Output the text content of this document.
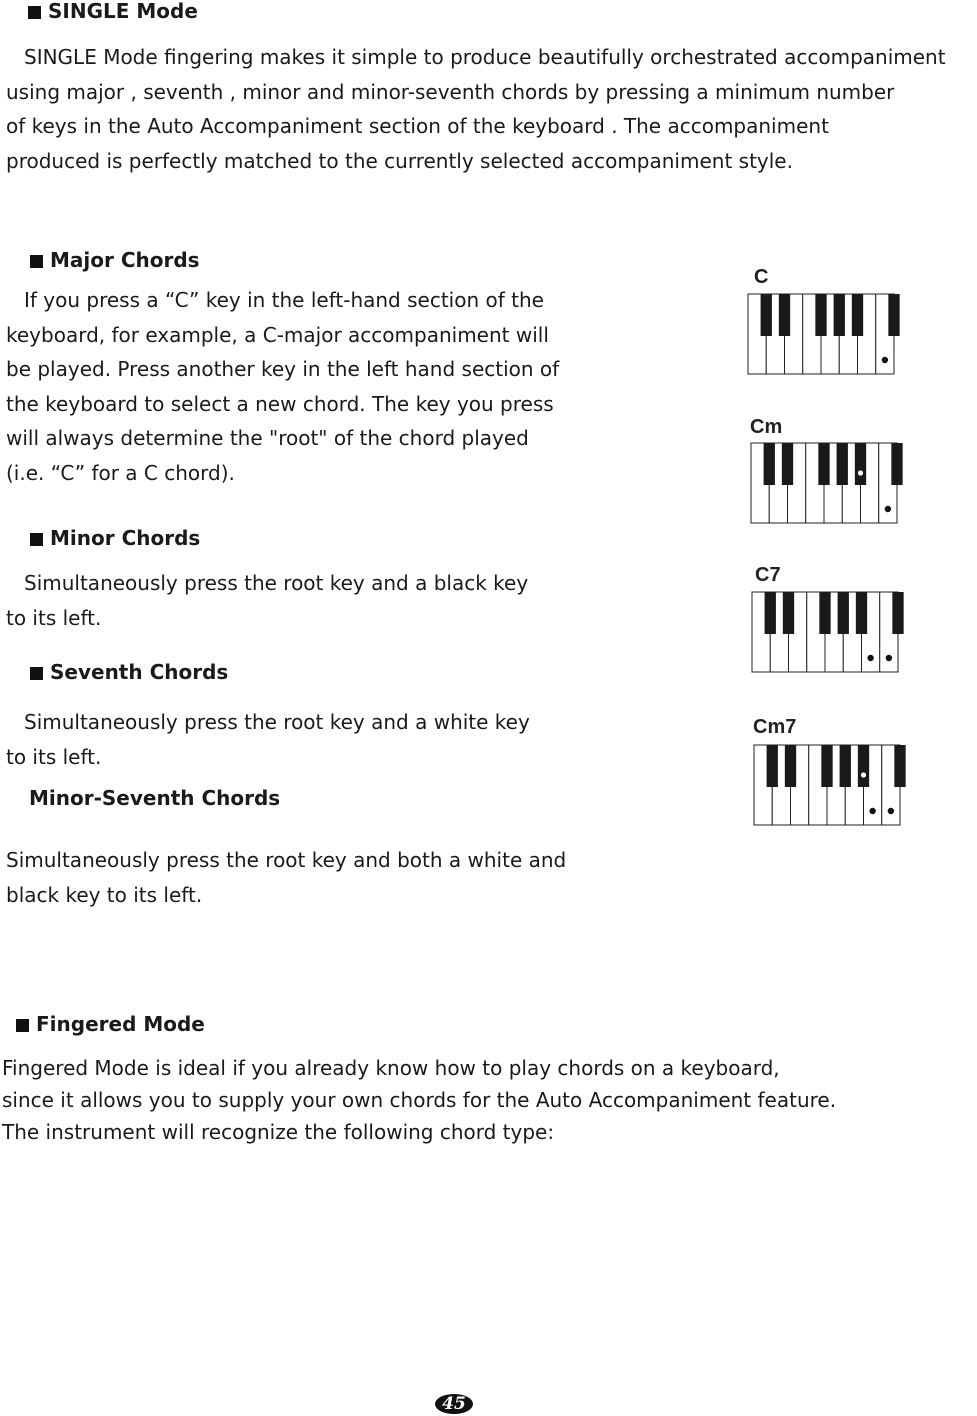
SINGLE Mode
SINGLE Mode fingering makes it simple to produce beautifully orchestrated accompaniment
using major , seventh , minor and minor-seventh chords by pressing a minimum number
of keys in the Auto Accompaniment section of the keyboard . The accompaniment
produced is perfectly matched to the currently selected accompaniment style.
Major Chords
If you press a “C” key in the left-hand section of the
keyboard, for example, a C-major accompaniment will
be played. Press another key in the left hand section of
the keyboard to select a new chord. The key you press
will always determine the "root" of the chord played
(i.e. “C” for a C chord).
Minor Chords
Simultaneously press the root key and a black key
to its left.
Seventh Chords
Simultaneously press the root key and a white key
to its left.
Minor-Seventh Chords
Simultaneously press the root key and both a white and
black key to its left.
Fingered Mode
Fingered Mode is ideal if you already know how to play chords on a keyboard,
since it allows you to supply your own chords for the Auto Accompaniment feature.
The instrument will recognize the following chord type:
C
Cm
C7
Cm7
45
